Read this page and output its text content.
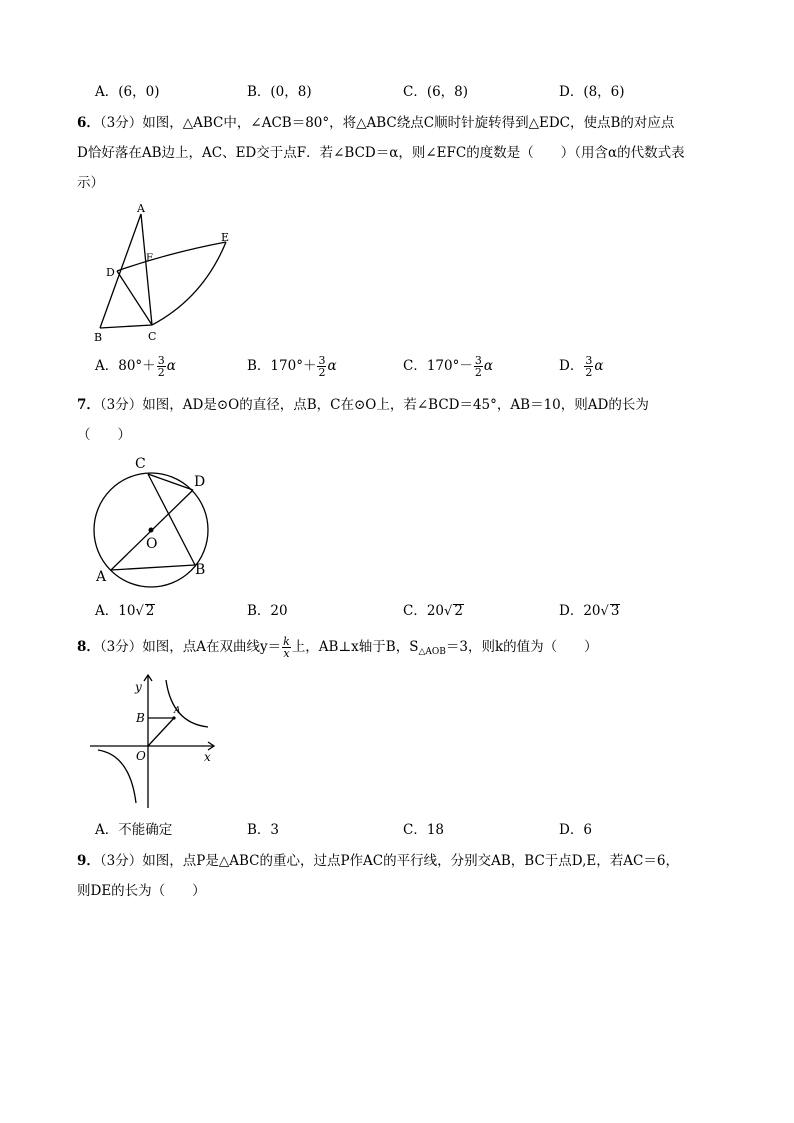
A．(6，0)	B．(0，8)	C．(6，8)	D．(8，6)
6．（3分）如图，△ABC中，∠ACB＝80°，将△ABC绕点C顺时针旋转得到△EDC，使点B的对应点
D恰好落在AB边上，AC、ED交于点F．若∠BCD＝α，则∠EFC的度数是（　　）（用含α的代数式表
示）
A
B	C
D
E
F
A．$80^\circ+ \frac{3}{2}$ α	B．$170^\circ+ \frac{3}{2}$ α	C．$170^\circ- \frac{3}{2}$ α	D． $\frac{3}{2}$ α
7．（3分）如图，AD是⊙O的直径，点B，C在⊙O上，若∠BCD＝45°，AB＝10，则AD的长为
（　　）
C
D
O
A	B
A．10√ 2	B．20	C．20√ 2	D．20√ 3
8．（3分）如图，点A在双曲线$y= \frac{k}{x}$ 上，AB⊥x轴于B，$S_{\triangle AOB}=3$，则k的值为（　　）
y
x
A
B
O
A．不能确定	B．3	C．18	D．6
9．（3分）如图，点P是△ABC的重心，过点P作AC的平行线，分别交AB，BC于点D,E，若AC＝6，
则DE的长为（　　）
